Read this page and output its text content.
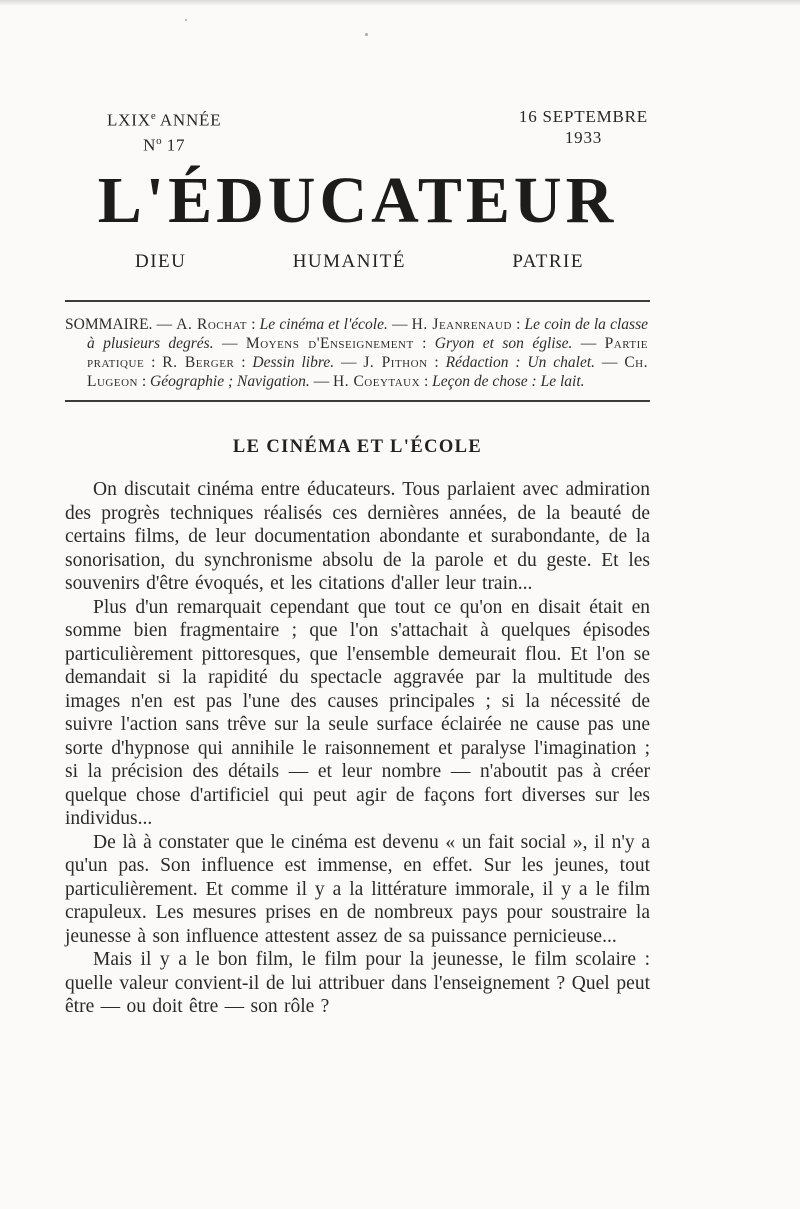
LXIXe ANNÉE
$N^o$ 17
16 SEPTEMBRE
1933
L'ÉDUCATEUR
DIEU	HUMANITÉ	PATRIE
SOMMAIRE. — A. Rochat : Le cinéma et l'école. — H. Jeanrenaud : Le coin de la classe à plusieurs degrés. — Moyens d'Enseignement : Gryon et son église. — Partie pratique : R. Berger : Dessin libre. — J. Pithon : Rédaction : Un chalet. — Ch. Lugeon : Géographie ; Navigation. — H. Coeytaux : Leçon de chose : Le lait.
LE CINÉMA ET L'ÉCOLE

On discutait cinéma entre éducateurs. Tous parlaient avec admiration des progrès techniques réalisés ces dernières années, de la beauté de certains films, de leur documentation abondante et surabondante, de la sonorisation, du synchronisme absolu de la parole et du geste. Et les souvenirs d'être évoqués, et les citations d'aller leur train...

Plus d'un remarquait cependant que tout ce qu'on en disait était en somme bien fragmentaire ; que l'on s'attachait à quelques épisodes particulièrement pittoresques, que l'ensemble demeurait flou. Et l'on se demandait si la rapidité du spectacle aggravée par la multitude des images n'en est pas l'une des causes principales ; si la nécessité de suivre l'action sans trêve sur la seule surface éclairée ne cause pas une sorte d'hypnose qui annihile le raisonnement et paralyse l'imagination ; si la précision des détails — et leur nombre — n'aboutit pas à créer quelque chose d'artificiel qui peut agir de façons fort diverses sur les individus...

De là à constater que le cinéma est devenu « un fait social », il n'y a qu'un pas. Son influence est immense, en effet. Sur les jeunes, tout particulièrement. Et comme il y a la littérature immorale, il y a le film crapuleux. Les mesures prises en de nombreux pays pour soustraire la jeunesse à son influence attestent assez de sa puissance pernicieuse...

Mais il y a le bon film, le film pour la jeunesse, le film scolaire : quelle valeur convient-il de lui attribuer dans l'enseignement ? Quel peut être — ou doit être — son rôle ?
